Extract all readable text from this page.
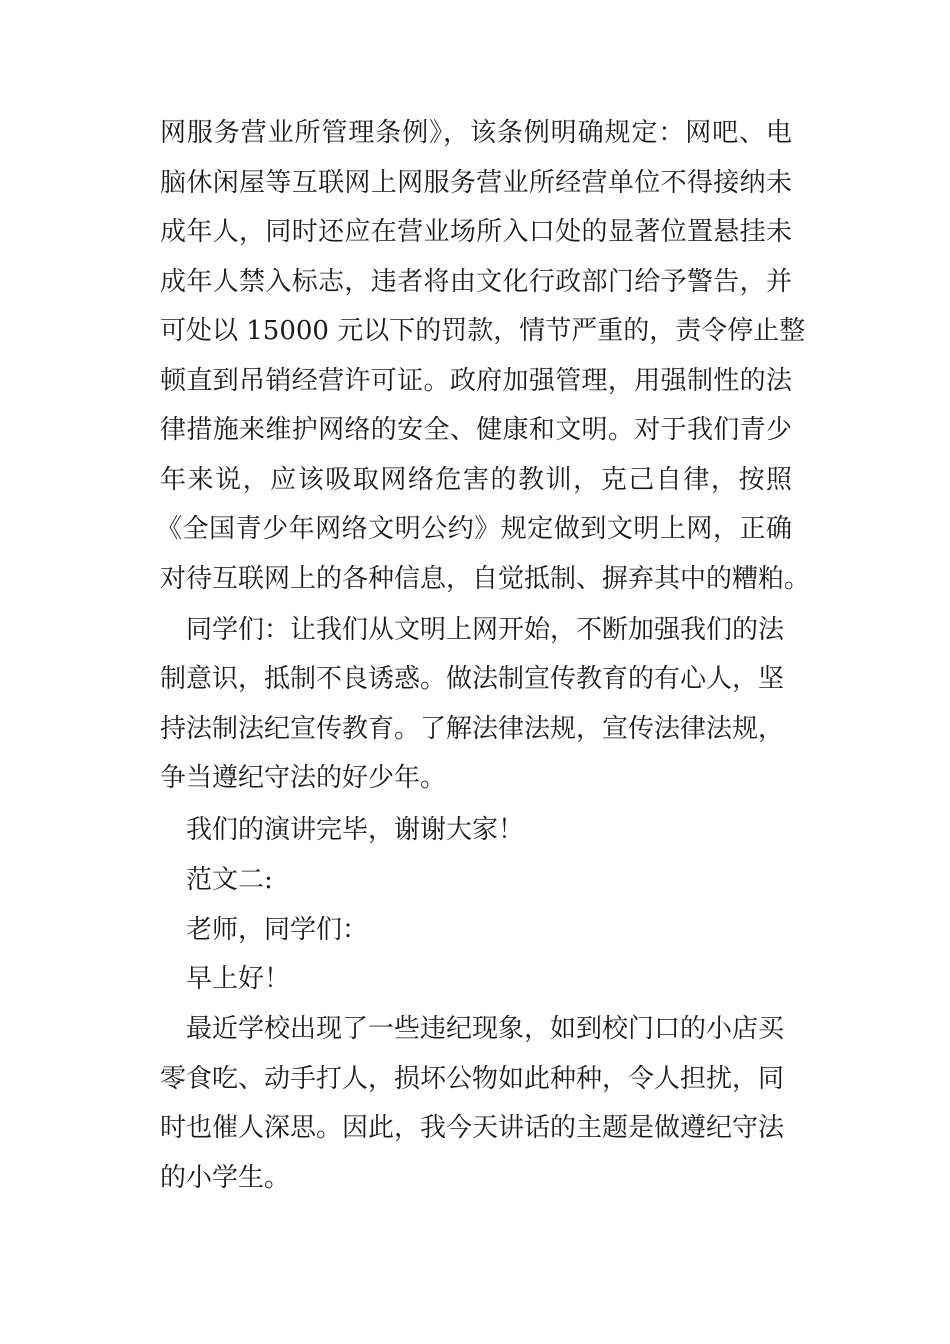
网服务营业所管理条例》，该条例明确规定：网吧、电
脑休闲屋等互联网上网服务营业所经营单位不得接纳未
成年人，同时还应在营业场所入口处的显著位置悬挂未
成年人禁入标志，违者将由文化行政部门给予警告，并
可处以 15000 元以下的罚款，情节严重的，责令停止整
顿直到吊销经营许可证。政府加强管理，用强制性的法
律措施来维护网络的安全、健康和文明。对于我们青少
年来说，应该吸取网络危害的教训，克己自律，按照
《全国青少年网络文明公约》规定做到文明上网，正确
对待互联网上的各种信息，自觉抵制、摒弃其中的糟粕。
同学们：让我们从文明上网开始，不断加强我们的法
制意识，抵制不良诱惑。做法制宣传教育的有心人，坚
持法制法纪宣传教育。了解法律法规，宣传法律法规，
争当遵纪守法的好少年。
我们的演讲完毕，谢谢大家！
范文二:
老师，同学们：
早上好！
最近学校出现了一些违纪现象，如到校门口的小店买
零食吃、动手打人，损坏公物如此种种，令人担扰，同
时也催人深思。因此，我今天讲话的主题是做遵纪守法
的小学生。
